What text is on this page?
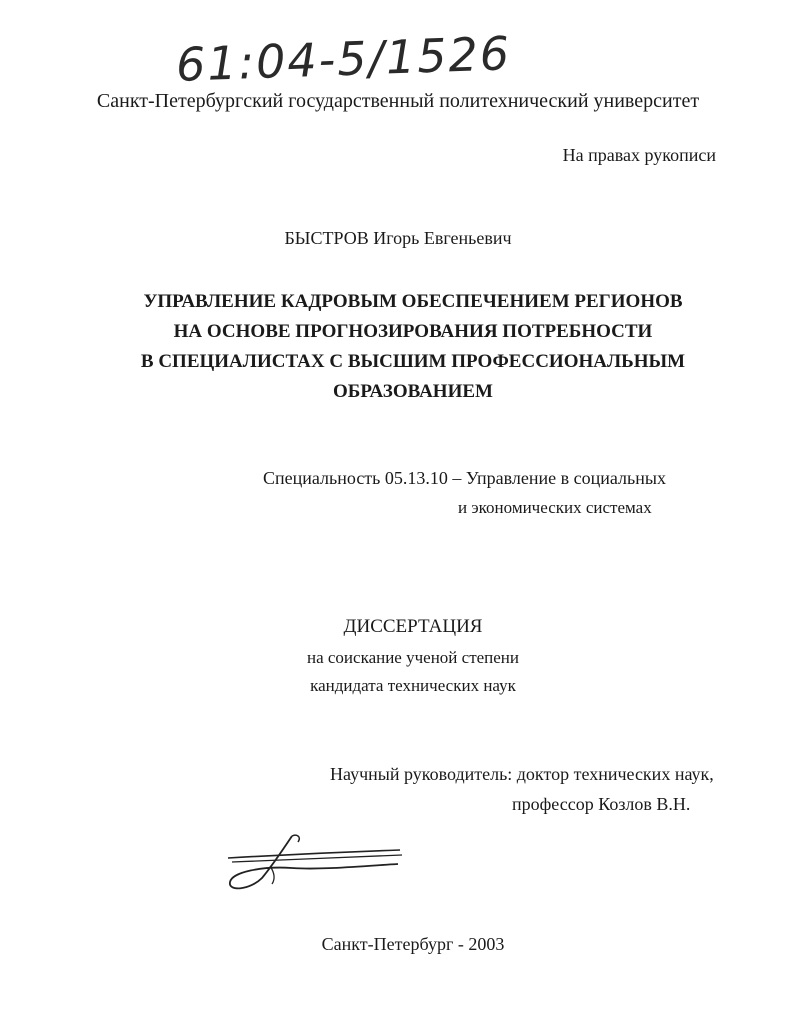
61:04-5/1526
Санкт-Петербургский государственный политехнический университет
На правах рукописи
БЫСТРОВ Игорь Евгеньевич
УПРАВЛЕНИЕ КАДРОВЫМ ОБЕСПЕЧЕНИЕМ РЕГИОНОВ
НА ОСНОВЕ ПРОГНОЗИРОВАНИЯ ПОТРЕБНОСТИ
В СПЕЦИАЛИСТАХ С ВЫСШИМ ПРОФЕССИОНАЛЬНЫМ
ОБРАЗОВАНИЕМ
Специальность 05.13.10 – Управление в социальных
и экономических системах
ДИССЕРТАЦИЯ
на соискание ученой степени
кандидата технических наук
Научный руководитель: доктор технических наук,
профессор Козлов В.Н.
Санкт-Петербург - 2003
